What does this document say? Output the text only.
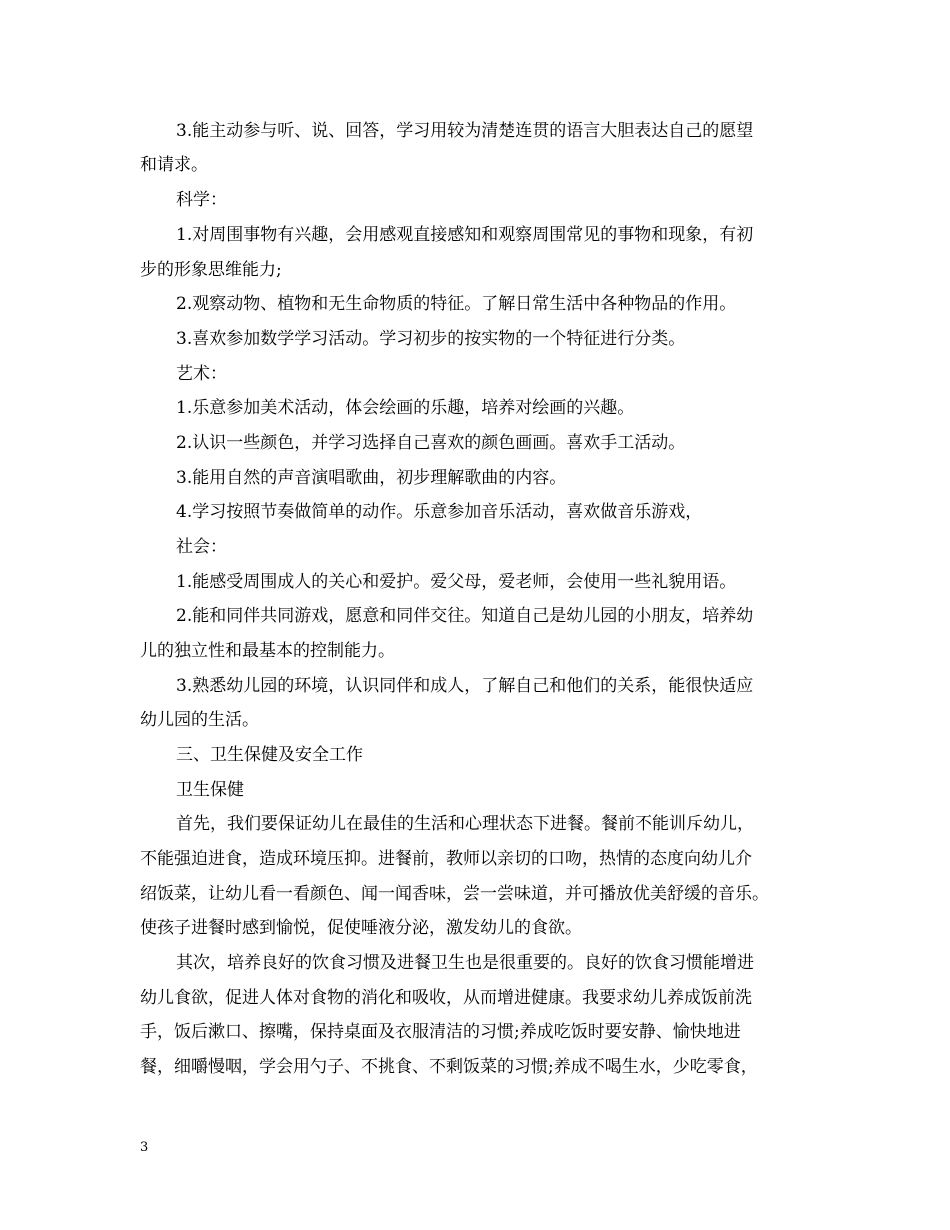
3.能主动参与听、说、回答，学习用较为清楚连贯的语言大胆表达自己的愿望
和请求。
科学：
1.对周围事物有兴趣，会用感观直接感知和观察周围常见的事物和现象，有初
步的形象思维能力;
2.观察动物、植物和无生命物质的特征。了解日常生活中各种物品的作用。
3.喜欢参加数学学习活动。学习初步的按实物的一个特征进行分类。
艺术：
1.乐意参加美术活动，体会绘画的乐趣，培养对绘画的兴趣。
2.认识一些颜色，并学习选择自己喜欢的颜色画画。喜欢手工活动。
3.能用自然的声音演唱歌曲，初步理解歌曲的内容。
4.学习按照节奏做简单的动作。乐意参加音乐活动，喜欢做音乐游戏，
社会：
1.能感受周围成人的关心和爱护。爱父母，爱老师，会使用一些礼貌用语。
2.能和同伴共同游戏，愿意和同伴交往。知道自己是幼儿园的小朋友，培养幼
儿的独立性和最基本的控制能力。
3.熟悉幼儿园的环境，认识同伴和成人，了解自己和他们的关系，能很快适应
幼儿园的生活。
三、卫生保健及安全工作
卫生保健
首先，我们要保证幼儿在最佳的生活和心理状态下进餐。餐前不能训斥幼儿，
不能强迫进食，造成环境压抑。进餐前，教师以亲切的口吻，热情的态度向幼儿介
绍饭菜，让幼儿看一看颜色、闻一闻香味，尝一尝味道，并可播放优美舒缓的音乐。
使孩子进餐时感到愉悦，促使唾液分泌，激发幼儿的食欲。
其次，培养良好的饮食习惯及进餐卫生也是很重要的。良好的饮食习惯能增进
幼儿食欲，促进人体对食物的消化和吸收，从而增进健康。我要求幼儿养成饭前洗
手，饭后漱口、擦嘴，保持桌面及衣服清洁的习惯;养成吃饭时要安静、愉快地进
餐，细嚼慢咽，学会用勺子、不挑食、不剩饭菜的习惯;养成不喝生水，少吃零食，
3
